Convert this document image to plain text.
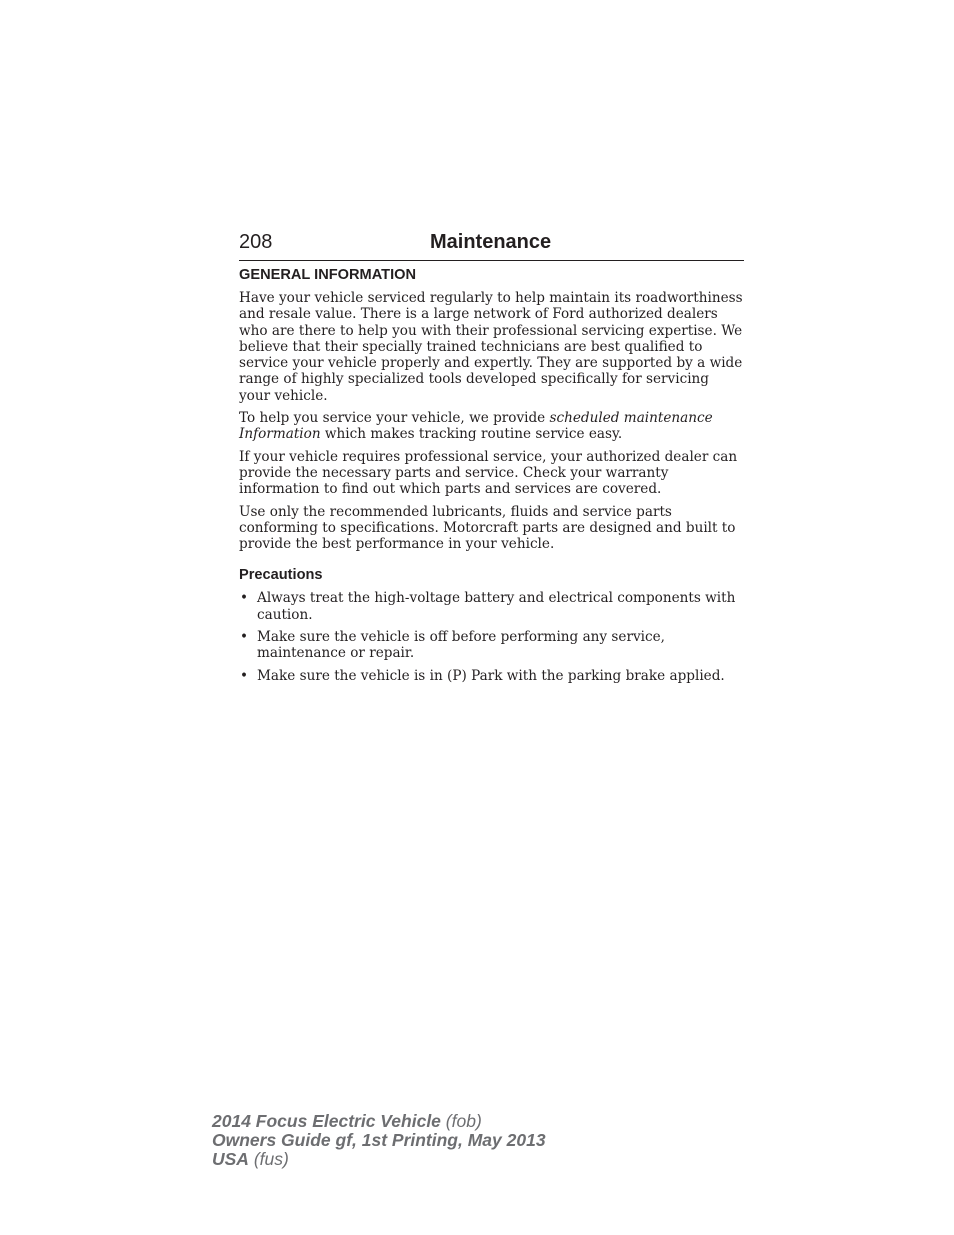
208	Maintenance
GENERAL INFORMATION

Have your vehicle serviced regularly to help maintain its roadworthiness and resale value. There is a large network of Ford authorized dealers who are there to help you with their professional servicing expertise. We believe that their specially trained technicians are best qualified to service your vehicle properly and expertly. They are supported by a wide range of highly specialized tools developed specifically for servicing your vehicle.

To help you service your vehicle, we provide scheduled maintenance Information which makes tracking routine service easy.

If your vehicle requires professional service, your authorized dealer can provide the necessary parts and service. Check your warranty information to find out which parts and services are covered.

Use only the recommended lubricants, fluids and service parts conforming to specifications. Motorcraft parts are designed and built to provide the best performance in your vehicle.

Precautions
• Always treat the high-voltage battery and electrical components with caution.
• Make sure the vehicle is off before performing any service, maintenance or repair.
• Make sure the vehicle is in (P) Park with the parking brake applied.
2014 Focus Electric Vehicle (fob)
Owners Guide gf, 1st Printing, May 2013
USA (fus)
